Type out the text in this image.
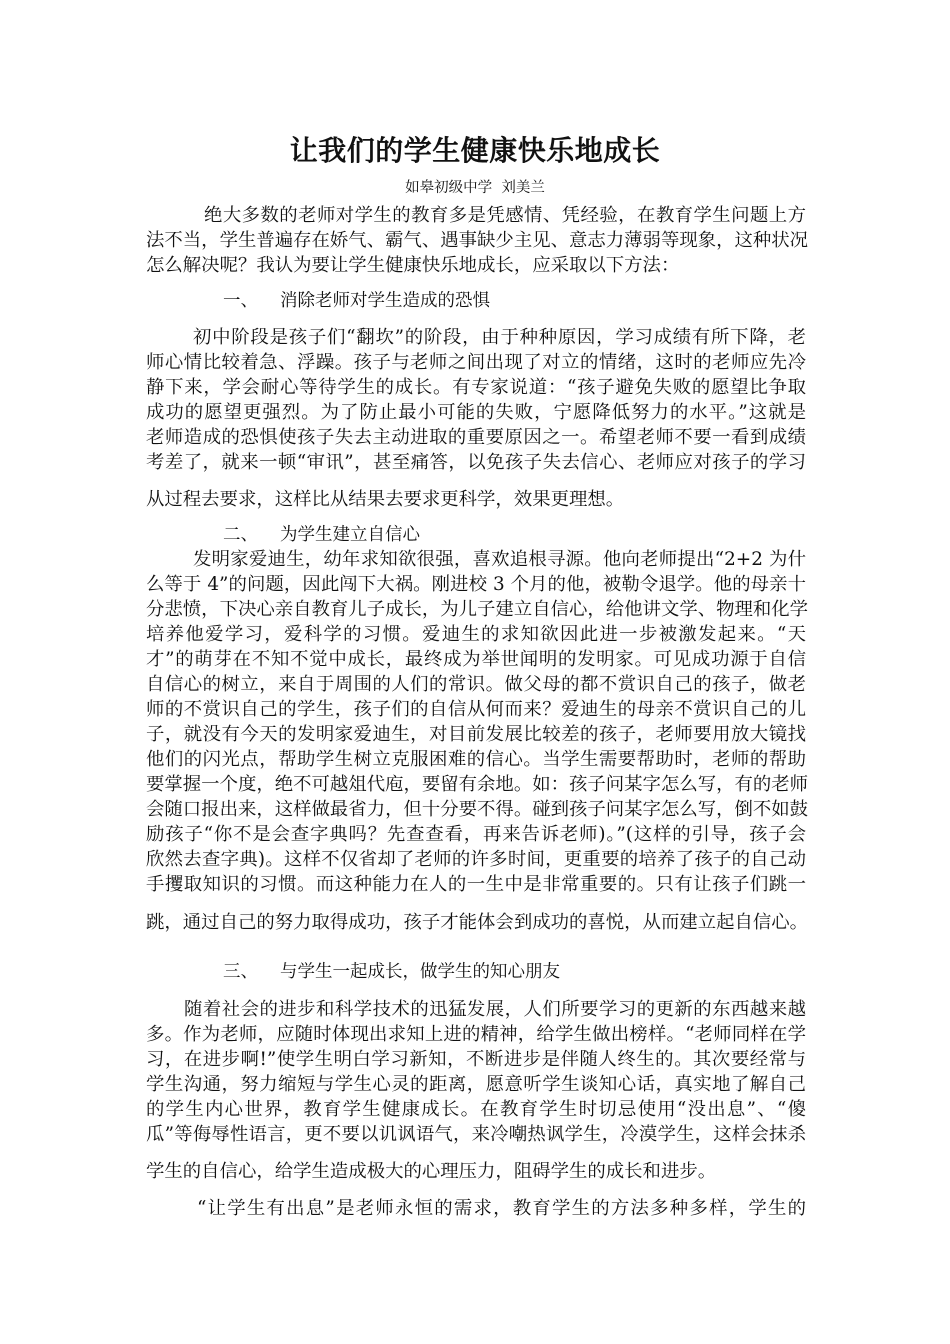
让我们的学生健康快乐地成长
如皋初级中学  刘美兰
绝大多数的老师对学生的教育多是凭感情、凭经验，在教育学生问题上方
法不当，学生普遍存在娇气、霸气、遇事缺少主见、意志力薄弱等现象，这种状况
怎么解决呢？我认为要让学生健康快乐地成长，应采取以下方法：
一、 消除老师对学生造成的恐惧
初中阶段是孩子们“翻坎”的阶段，由于种种原因，学习成绩有所下降，老
师心情比较着急、浮躁。孩子与老师之间出现了对立的情绪，这时的老师应先冷
静下来，学会耐心等待学生的成长。有专家说道：“孩子避免失败的愿望比争取
成功的愿望更强烈。为了防止最小可能的失败，宁愿降低努力的水平。”这就是
老师造成的恐惧使孩子失去主动进取的重要原因之一。希望老师不要一看到成绩
考差了，就来一顿“审讯”，甚至痛答，以免孩子失去信心、老师应对孩子的学习
从过程去要求，这样比从结果去要求更科学，效果更理想。
二、 为学生建立自信心
发明家爱迪生，幼年求知欲很强，喜欢追根寻源。他向老师提出“2+2 为什
么等于 4”的问题，因此闯下大祸。刚进校 3 个月的他，被勒令退学。他的母亲十
分悲愤，下决心亲自教育儿子成长，为儿子建立自信心，给他讲文学、物理和化学
培养他爱学习，爱科学的习惯。爱迪生的求知欲因此进一步被激发起来。“天
才”的萌芽在不知不觉中成长，最终成为举世闻明的发明家。可见成功源于自信
自信心的树立，来自于周围的人们的常识。做父母的都不赏识自己的孩子，做老
师的不赏识自己的学生，孩子们的自信从何而来？爱迪生的母亲不赏识自己的儿
子，就没有今天的发明家爱迪生，对目前发展比较差的孩子，老师要用放大镜找
他们的闪光点，帮助学生树立克服困难的信心。当学生需要帮助时，老师的帮助
要掌握一个度，绝不可越俎代庖，要留有余地。如：孩子问某字怎么写，有的老师
会随口报出来，这样做最省力，但十分要不得。碰到孩子问某字怎么写，倒不如鼓
励孩子“你不是会查字典吗？先查查看，再来告诉老师)。”(这样的引导，孩子会
欣然去查字典)。这样不仅省却了老师的许多时间，更重要的培养了孩子的自己动
手攫取知识的习惯。而这种能力在人的一生中是非常重要的。只有让孩子们跳一
跳，通过自己的努力取得成功，孩子才能体会到成功的喜悦，从而建立起自信心。
三、 与学生一起成长，做学生的知心朋友
随着社会的进步和科学技术的迅猛发展，人们所要学习的更新的东西越来越
多。作为老师，应随时体现出求知上进的精神，给学生做出榜样。“老师同样在学
习，在进步啊!”使学生明白学习新知，不断进步是伴随人终生的。其次要经常与
学生沟通，努力缩短与学生心灵的距离，愿意听学生谈知心话，真实地了解自己
的学生内心世界，教育学生健康成长。在教育学生时切忌使用“没出息”、“傻
瓜”等侮辱性语言，更不要以讥讽语气，来冷嘲热讽学生，冷漠学生，这样会抹杀
学生的自信心，给学生造成极大的心理压力，阻碍学生的成长和进步。
“让学生有出息”是老师永恒的需求，教育学生的方法多种多样，学生的
